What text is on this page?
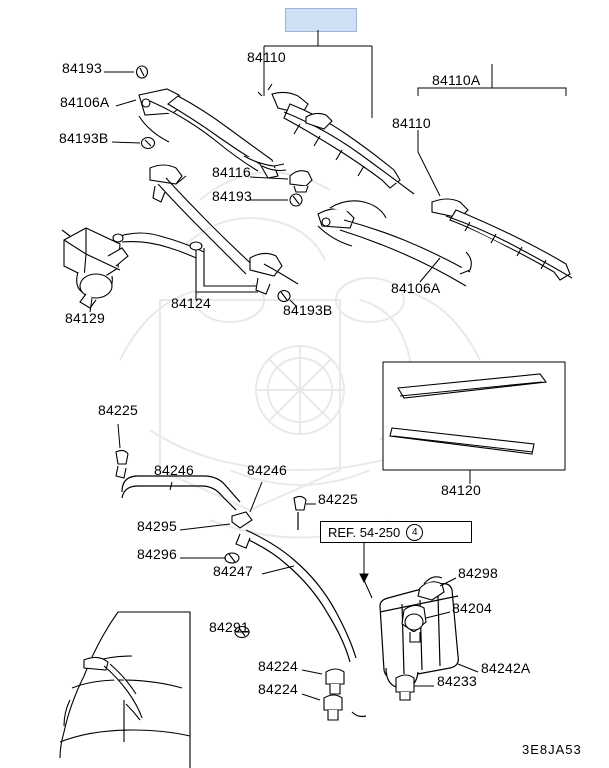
84193
84106A
84193B
84110
84110A
84110
84116
84193
84106A
84124	84193B
84129
84120
84225
84246	84246
84225
84295
84296
84247
84291
84298
84204
84242A
84224
84224	84233
REF. 54-250	4
3E8JA53
